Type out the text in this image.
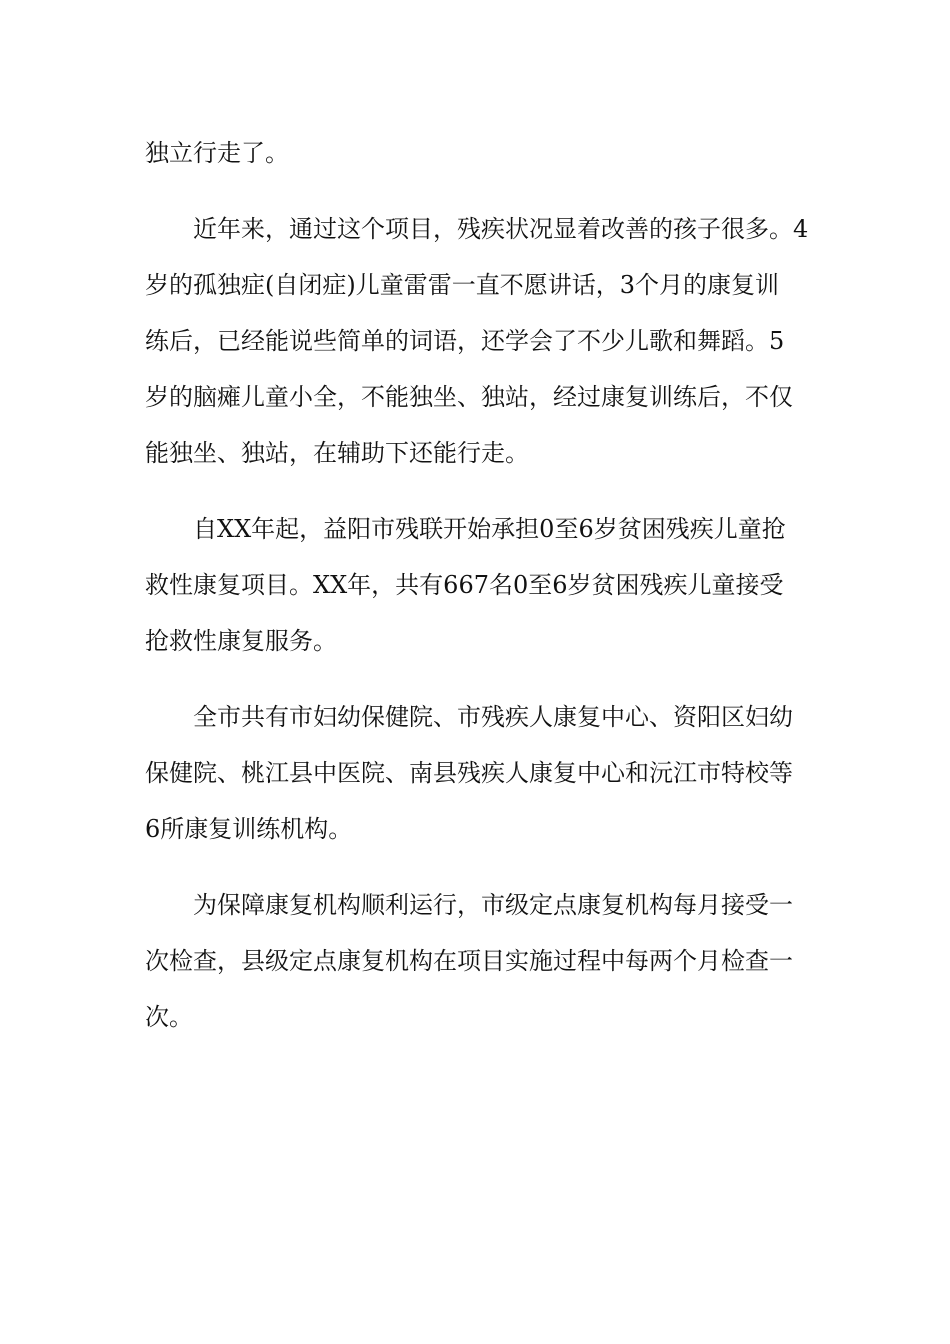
独立行走了。
近年来，通过这个项目，残疾状况显着改善的孩子很多。4
岁的孤独症(自闭症)儿童雷雷一直不愿讲话，3个月的康复训
练后，已经能说些简单的词语，还学会了不少儿歌和舞蹈。5
岁的脑瘫儿童小全，不能独坐、独站，经过康复训练后，不仅
能独坐、独站，在辅助下还能行走。
自XX年起，益阳市残联开始承担0至6岁贫困残疾儿童抢
救性康复项目。XX年，共有667名0至6岁贫困残疾儿童接受
抢救性康复服务。
全市共有市妇幼保健院、市残疾人康复中心、资阳区妇幼
保健院、桃江县中医院、南县残疾人康复中心和沅江市特校等
6所康复训练机构。
为保障康复机构顺利运行，市级定点康复机构每月接受一
次检查，县级定点康复机构在项目实施过程中每两个月检查一
次。
